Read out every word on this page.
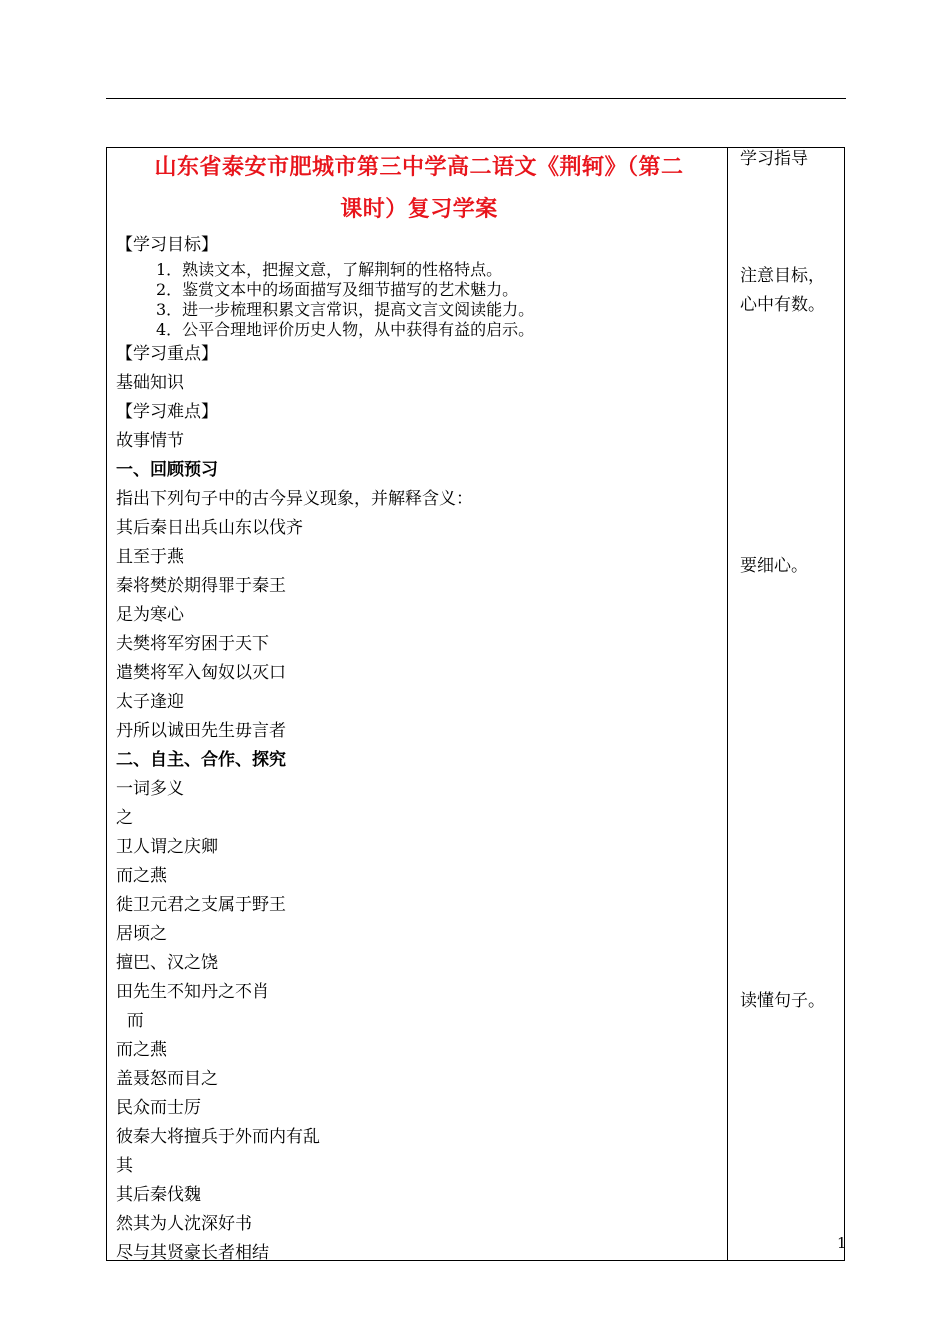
山东省泰安市肥城市第三中学高二语文《荆轲》（第二
课时）复习学案
【学习目标】
1．熟读文本，把握文意，了解荆轲的性格特点。
2．鉴赏文本中的场面描写及细节描写的艺术魅力。
3．进一步梳理积累文言常识，提高文言文阅读能力。
4．公平合理地评价历史人物，从中获得有益的启示。
【学习重点】
基础知识
【学习难点】
故事情节
一、回顾预习
指出下列句子中的古今异义现象，并解释含义：
其后秦日出兵山东以伐齐
且至于燕
秦将樊於期得罪于秦王
足为寒心
夫樊将军穷困于天下
遣樊将军入匈奴以灭口
太子逢迎
丹所以诚田先生毋言者
二、自主、合作、探究
一词多义
之
卫人谓之庆卿
而之燕
徙卫元君之支属于野王
居顷之
擅巴、汉之饶
田先生不知丹之不肖
而
而之燕
盖聂怒而目之
民众而士厉
彼秦大将擅兵于外而内有乱
其
其后秦伐魏
然其为人沈深好书
尽与其贤豪长者相结
学习指导
注意目标，
心中有数。
要细心。
读懂句子。
1
